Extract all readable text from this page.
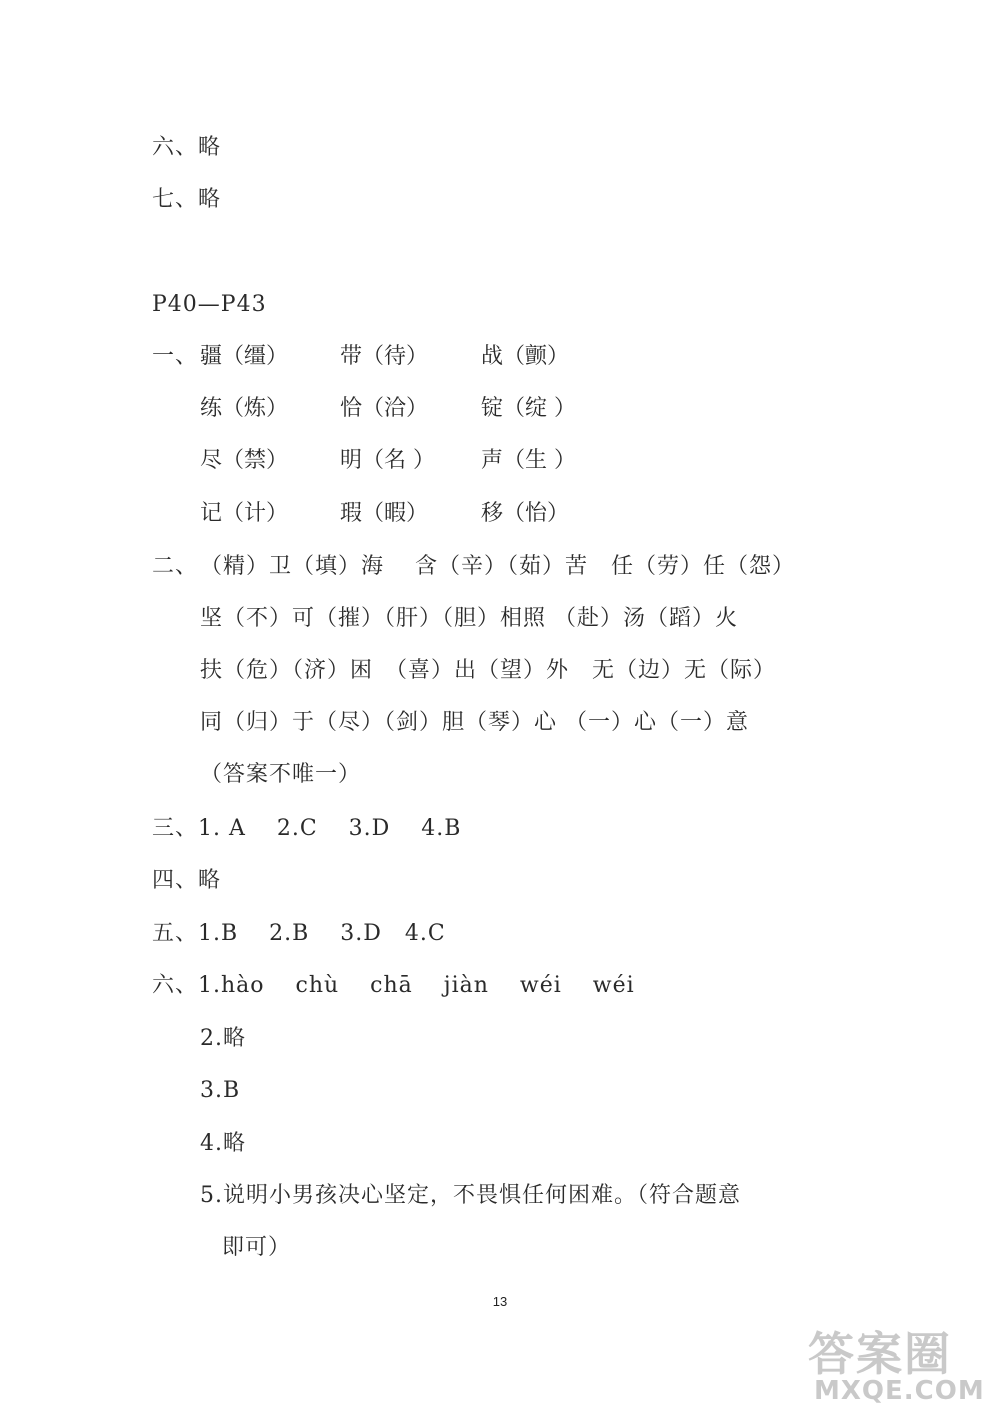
六、略
七、略
P40—P43
一、 疆（缰） 带（待） 战（颤）
练（炼） 恰（洽） 锭（绽 ）
尽（禁） 明（名 ） 声（生 ）
记（计） 瑕（暇） 移（怡）
二、 （精）卫（填）海　 含（辛）（茹）苦　任（劳）任（怨）
坚（不）可（摧）（肝）（胆）相照 （赴）汤（蹈）火
扶（危）（济）困　（喜）出（望）外　无（边）无（际）
同（归）于（尽）（剑）胆（琴）心 （一）心（一）意
（答案不唯一）
三、1. A　 2.C　 3.D　 4.B
四、略
五、1.B　 2.B　 3.D　4.C
六、1.hào　 chù　 chā　 jiàn　 wéi　 wéi
2.略
3.B
4.略
5.说明小男孩决心坚定，不畏惧任何困难。（符合题意
即可）
13
答案圈
MXQE.COM
